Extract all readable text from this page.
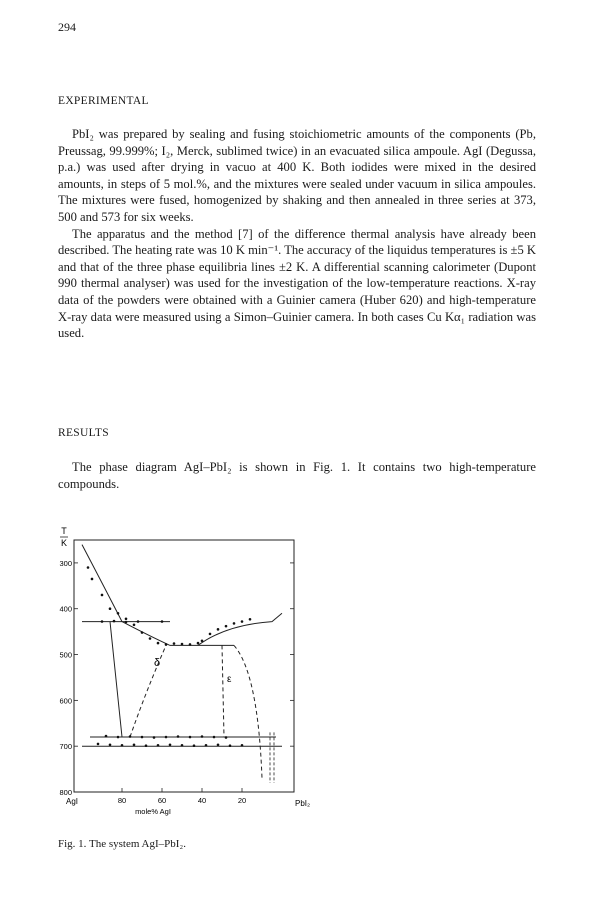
294
EXPERIMENTAL

PbI₂ was prepared by sealing and fusing stoichiometric amounts of the components (Pb, Preussag, 99.999%; I₂, Merck, sublimed twice) in an evacuated silica ampoule. AgI (Degussa, p.a.) was used after drying in vacuo at 400 K. Both iodides were mixed in the desired amounts, in steps of 5 mol.%, and the mixtures were sealed under vacuum in silica ampoules. The mixtures were fused, homogenized by shaking and then annealed in three series at 373, 500 and 573 for six weeks.

The apparatus and the method [7] of the difference thermal analysis have already been described. The heating rate was 10 K min⁻¹. The accuracy of the liquidus temperatures is ±5 K and that of the three phase equilibria lines ±2 K. A differential scanning calorimeter (Dupont 990 thermal analyser) was used for the investigation of the low-temperature reactions. X-ray data of the powders were obtained with a Guinier camera (Huber 620) and high-temperature X-ray data were measured using a Simon–Guinier camera. In both cases Cu Kα₁ radiation was used.

RESULTS

The phase diagram AgI–PbI₂ is shown in Fig. 1. It contains two high-temperature compounds.

T
K
800
700
600
500
400
300
80	60	40	20
δ
ε
AgI	PbI₂
mole% AgI
Fig. 1. The system AgI–PbI₂.
